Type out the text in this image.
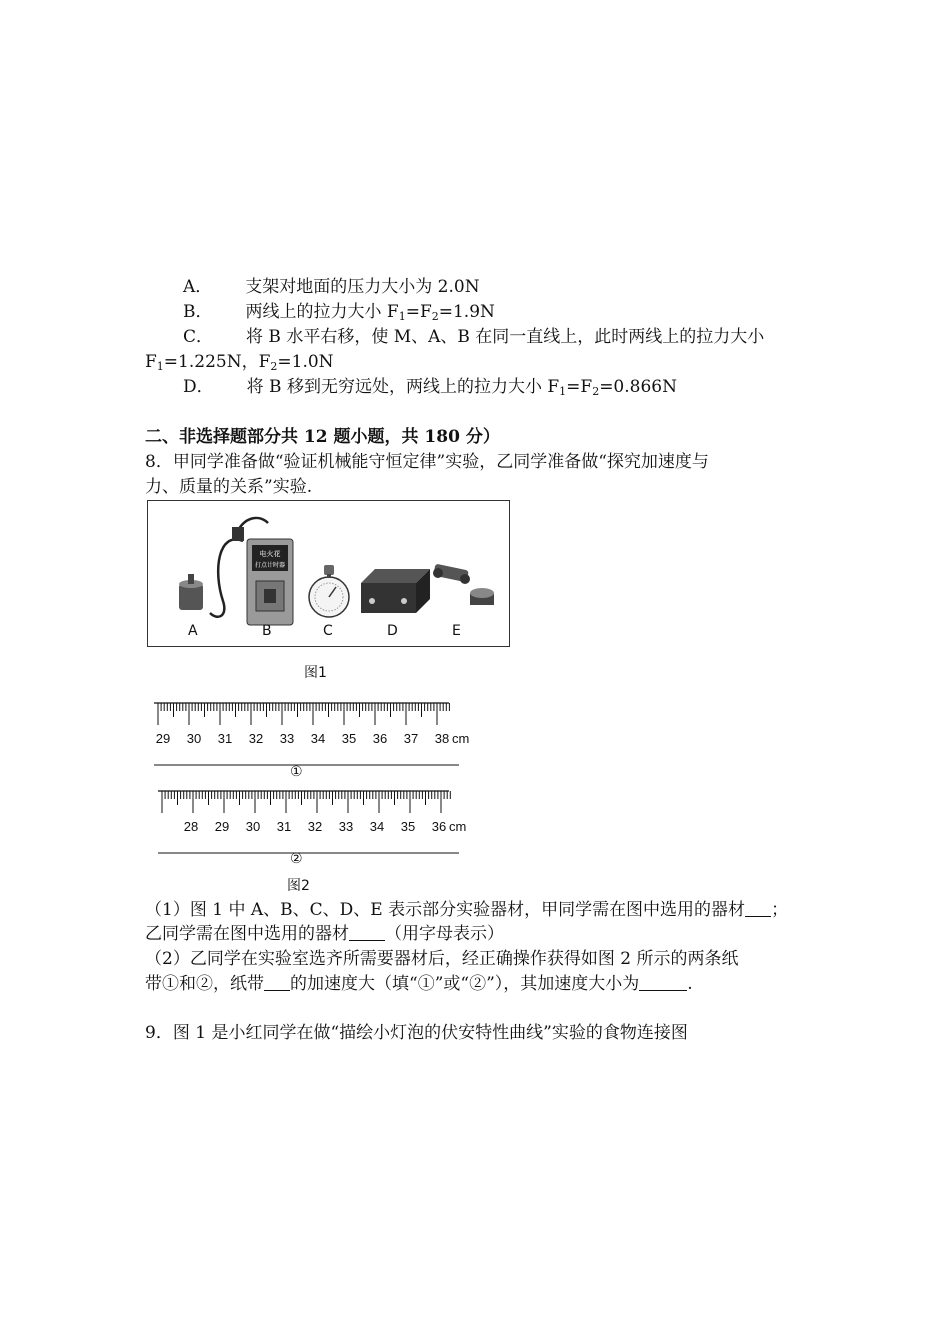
A． 支架对地面的压力大小为 2.0N
B． 两线上的拉力大小 $F_1=F_2=1.9N$
C． 将 B 水平右移，使 M、A、B 在同一直线上，此时两线上的拉力大小
$F_1=1.225N$，$F_2=1.0N$
D． 将 B 移到无穷远处，两线上的拉力大小 $F_1=F_2=0.866N$
二、非选择题部分共 12 题小题，共 180 分）
8．甲同学准备做“验证机械能守恒定律”实验，乙同学准备做“探究加速度与
力、质量的关系”实验.
电火花
打点计时器
A	B	C	D	E
图1
29 30 31 32 33 34 35 36 37 38 cm
28 29 30 31 32 33 34 35 36 cm
①
②
图2
（1）图 1 中 A、B、C、D、E 表示部分实验器材，甲同学需在图中选用的器材 ；
乙同学需在图中选用的器材 （用字母表示）
（2）乙同学在实验室选齐所需要器材后，经正确操作获得如图 2 所示的两条纸
带①和②，纸带 的加速度大（填“①”或“②”），其加速度大小为	.
9．图 1 是小红同学在做“描绘小灯泡的伏安特性曲线”实验的食物连接图
